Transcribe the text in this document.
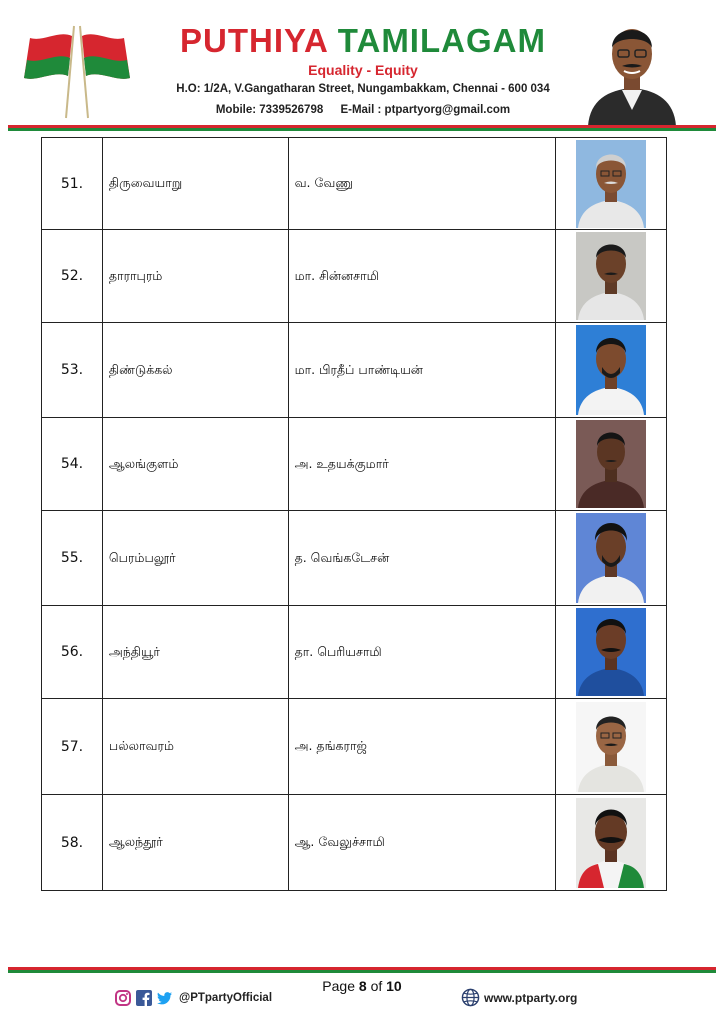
PUTHIYA TAMILAGAM
Equality - Equity
H.O: 1/2A, V.Gangatharan Street, Nungambakkam, Chennai - 600 034
Mobile: 7339526798 E-Mail : ptpartyorg@gmail.com
51.	திருவையாறு	வ. வேணு	

52.	தாராபுரம்	மா. சின்னசாமி	

53.	திண்டுக்கல்	மா. பிரதீப் பாண்டியன்	

54.	ஆலங்குளம்	அ. உதயக்குமார்	

55.	பெரம்பலூர்	த. வெங்கடேசன்	

56.	அந்தியூர்	தா. பெரியசாமி	

57.	பல்லாவரம்	அ. தங்கராஜ்	

58.	ஆலந்தூர்	ஆ. வேலுச்சாமி	
Page 8 of 10
@PTpartyOfficial	www.ptparty.org
